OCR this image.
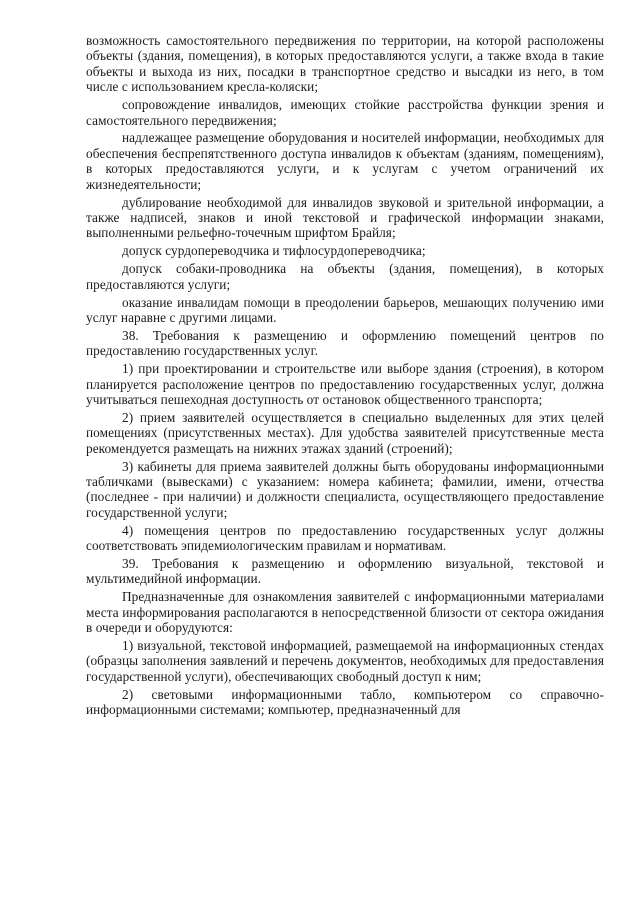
возможность самостоятельного передвижения по территории, на которой расположены объекты (здания, помещения), в которых предоставляются услуги, а также входа в такие объекты и выхода из них, посадки в транспортное средство и высадки из него, в том числе с использованием кресла-коляски;

сопровождение инвалидов, имеющих стойкие расстройства функции зрения и самостоятельного передвижения;

надлежащее размещение оборудования и носителей информации, необходимых для обеспечения беспрепятственного доступа инвалидов к объектам (зданиям, помещениям), в которых предоставляются услуги, и к услугам с учетом ограничений их жизнедеятельности;

дублирование необходимой для инвалидов звуковой и зрительной информации, а также надписей, знаков и иной текстовой и графической информации знаками, выполненными рельефно-точечным шрифтом Брайля;

допуск сурдопереводчика и тифлосурдопереводчика;

допуск собаки-проводника на объекты (здания, помещения), в которых предоставляются услуги;

оказание инвалидам помощи в преодолении барьеров, мешающих получению ими услуг наравне с другими лицами.

38. Требования к размещению и оформлению помещений центров по предоставлению государственных услуг.

1) при проектировании и строительстве или выборе здания (строения), в котором планируется расположение центров по предоставлению государственных услуг, должна учитываться пешеходная доступность от остановок общественного транспорта;

2) прием заявителей осуществляется в специально выделенных для этих целей помещениях (присутственных местах). Для удобства заявителей присутственные места рекомендуется размещать на нижних этажах зданий (строений);

3) кабинеты для приема заявителей должны быть оборудованы информационными табличками (вывесками) с указанием: номера кабинета; фамилии, имени, отчества (последнее - при наличии) и должности специалиста, осуществляющего предоставление государственной услуги;

4) помещения центров по предоставлению государственных услуг должны соответствовать эпидемиологическим правилам и нормативам.

39. Требования к размещению и оформлению визуальной, текстовой и мультимедийной информации.

Предназначенные для ознакомления заявителей с информационными материалами места информирования располагаются в непосредственной близости от сектора ожидания в очереди и оборудуются:

1) визуальной, текстовой информацией, размещаемой на информационных стендах (образцы заполнения заявлений и перечень документов, необходимых для предоставления государственной услуги), обеспечивающих свободный доступ к ним;

2) световыми информационными табло, компьютером со справочно-информационными системами; компьютер, предназначенный для
